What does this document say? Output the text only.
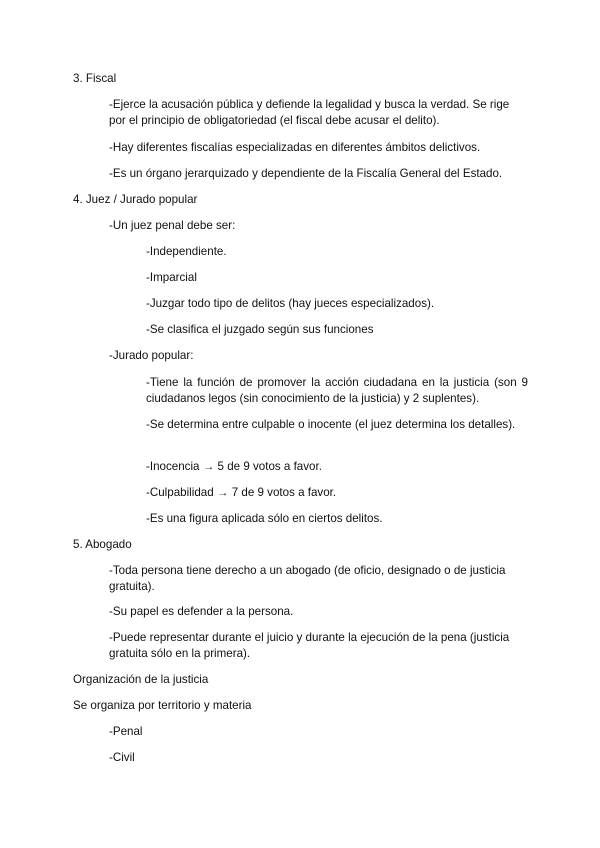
3. Fiscal

-Ejerce la acusación pública y defiende la legalidad y busca la verdad. Se rige por el principio de obligatoriedad (el fiscal debe acusar el delito).

-Hay diferentes fiscalías especializadas en diferentes ámbitos delictivos.

-Es un órgano jerarquizado y dependiente de la Fiscalía General del Estado.

4. Juez / Jurado popular

-Un juez penal debe ser:

-Independiente.

-Imparcial

-Juzgar todo tipo de delitos (hay jueces especializados).

-Se clasifica el juzgado según sus funciones

-Jurado popular:

-Tiene la función de promover la acción ciudadana en la justicia (son 9 ciudadanos legos (sin conocimiento de la justicia) y 2 suplentes).

-Se determina entre culpable o inocente (el juez determina los detalles).

-Inocencia → 5 de 9 votos a favor.

-Culpabilidad → 7 de 9 votos a favor.

-Es una figura aplicada sólo en ciertos delitos.

5. Abogado

-Toda persona tiene derecho a un abogado (de oficio, designado o de justicia gratuita).

-Su papel es defender a la persona.

-Puede representar durante el juicio y durante la ejecución de la pena (justicia gratuita sólo en la primera).

Organización de la justicia

Se organiza por territorio y materia

-Penal

-Civil
